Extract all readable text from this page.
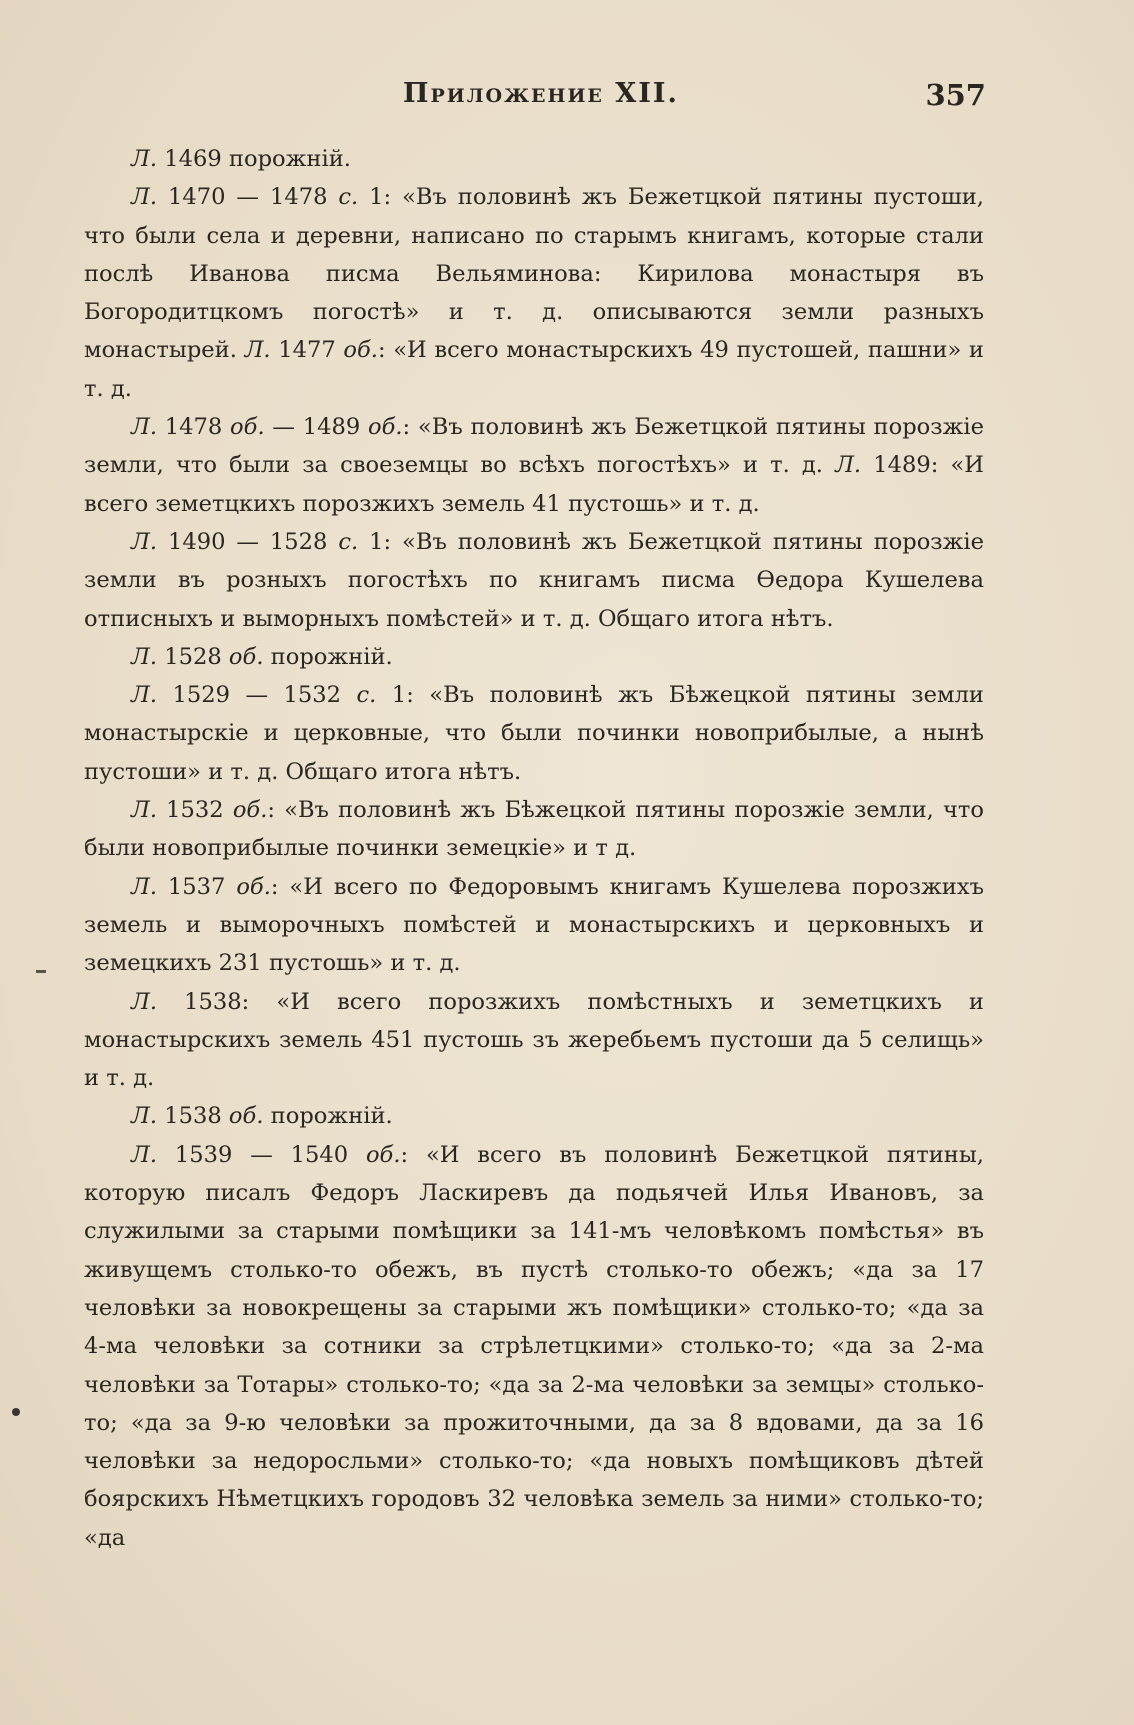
Приложение XII.	357

Л. 1469 порожній.

Л. 1470 — 1478 с. 1: «Въ половинѣ жъ Бежетцкой пятины пустоши, что были села и деревни, написано по старымъ книгамъ, которые стали послѣ Иванова писма Вельяминова: Кирилова монастыря въ Богородитцкомъ погостѣ» и т. д. описываются земли разныхъ монастырей. Л. 1477 об.: «И всего монастырскихъ 49 пустошей, пашни» и т. д.

Л. 1478 об. — 1489 об.: «Въ половинѣ жъ Бежетцкой пятины порозжіе земли, что были за своеземцы во всѣхъ погостѣхъ» и т. д. Л. 1489: «И всего земетцкихъ порозжихъ земель 41 пустошь» и т. д.

Л. 1490 — 1528 с. 1: «Въ половинѣ жъ Бежетцкой пятины порозжіе земли въ розныхъ погостѣхъ по книгамъ писма Ѳедора Кушелева отписныхъ и выморныхъ помѣстей» и т. д. Общаго итога нѣтъ.

Л. 1528 об. порожній.

Л. 1529 — 1532 с. 1: «Въ половинѣ жъ Бѣжецкой пятины земли монастырскіе и церковные, что были починки новоприбылые, а нынѣ пустоши» и т. д. Общаго итога нѣтъ.

Л. 1532 об.: «Въ половинѣ жъ Бѣжецкой пятины порозжіе земли, что были новоприбылые починки земецкіе» и т д.

Л. 1537 об.: «И всего по Федоровымъ книгамъ Кушелева порозжихъ земель и выморочныхъ помѣстей и монастырскихъ и церковныхъ и земецкихъ 231 пустошь» и т. д.

Л. 1538: «И всего порозжихъ помѣстныхъ и земетцкихъ и монастырскихъ земель 451 пустошь зъ жеребьемъ пустоши да 5 селищь» и т. д.

Л. 1538 об. порожній.

Л. 1539 — 1540 об.: «И всего въ половинѣ Бежетцкой пятины, которую писалъ Федоръ Ласкиревъ да подьячей Илья Ивановъ, за служилыми за старыми помѣщики за 141-мъ человѣкомъ помѣстья» въ живущемъ столько-то обежъ, въ пустѣ столько-то обежъ; «да за 17 человѣки за новокрещены за старыми жъ помѣщики» столько-то; «да за 4-ма человѣки за сотники за стрѣлетцкими» столько-то; «да за 2-ма человѣки за Тотары» столько-то; «да за 2-ма человѣки за земцы» столько-то; «да за 9-ю человѣки за прожиточными, да за 8 вдовами, да за 16 человѣки за недоросльми» столько-то; «да новыхъ помѣщиковъ дѣтей боярскихъ Нѣметцкихъ городовъ 32 человѣка земель за ними» столько-то; «да
